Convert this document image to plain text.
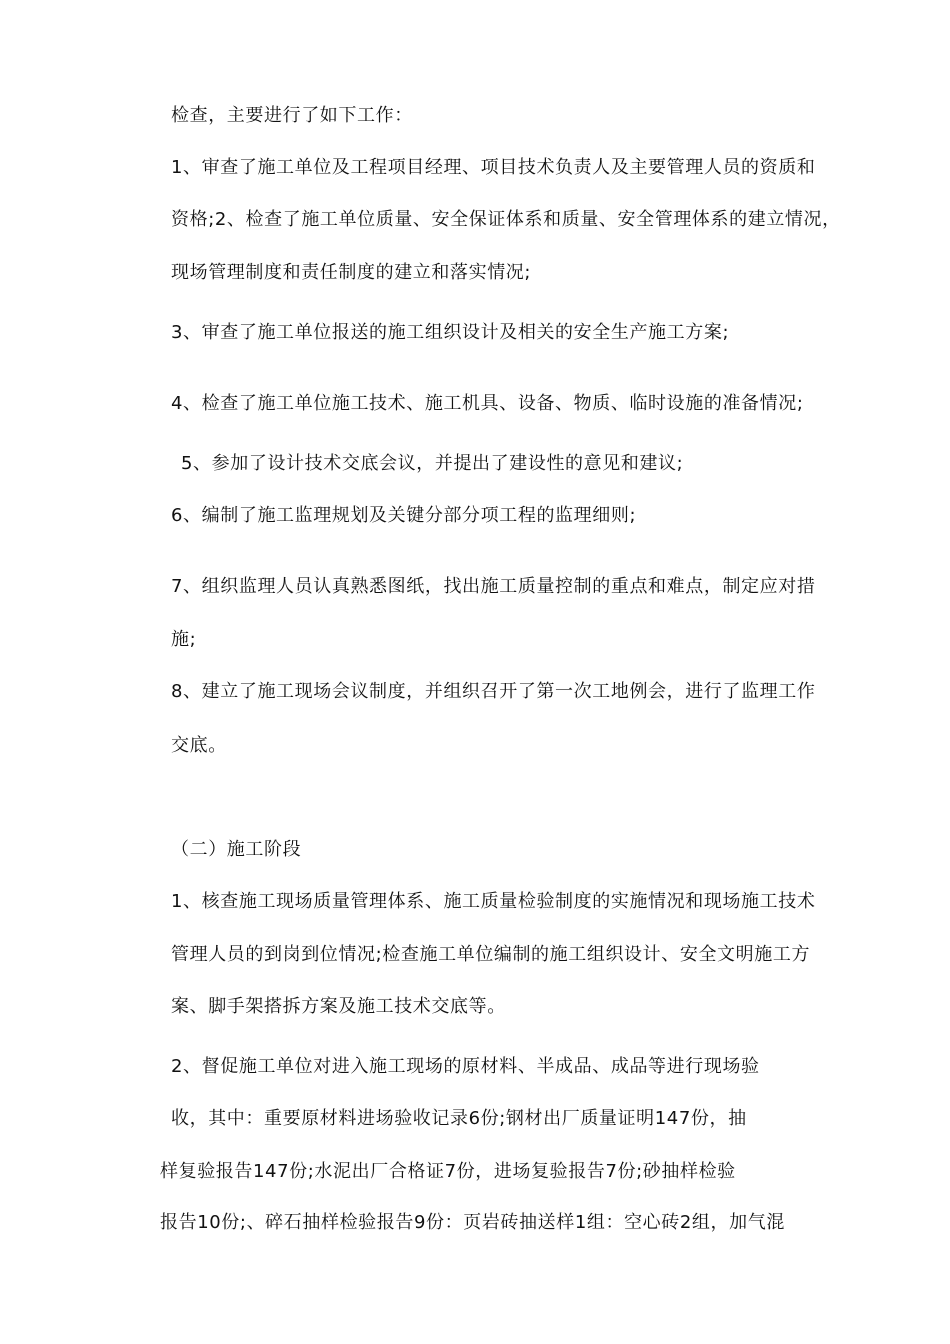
检查，主要进行了如下工作：
1、审查了施工单位及工程项目经理、项目技术负责人及主要管理人员的资质和
资格;2、检查了施工单位质量、安全保证体系和质量、安全管理体系的建立情况，
现场管理制度和责任制度的建立和落实情况;
3、审查了施工单位报送的施工组织设计及相关的安全生产施工方案;
4、检查了施工单位施工技术、施工机具、设备、物质、临时设施的准备情况;
5、参加了设计技术交底会议，并提出了建设性的意见和建议;
6、编制了施工监理规划及关键分部分项工程的监理细则;
7、组织监理人员认真熟悉图纸，找出施工质量控制的重点和难点，制定应对措
施;
8、建立了施工现场会议制度，并组织召开了第一次工地例会，进行了监理工作
交底。
（二）施工阶段
1、核查施工现场质量管理体系、施工质量检验制度的实施情况和现场施工技术
管理人员的到岗到位情况;检查施工单位编制的施工组织设计、安全文明施工方
案、脚手架搭拆方案及施工技术交底等。
2、督促施工单位对进入施工现场的原材料、半成品、成品等进行现场验
收，其中：重要原材料进场验收记录6份;钢材出厂质量证明147份，抽
样复验报告147份;水泥出厂合格证7份，进场复验报告7份;砂抽样检验
报告10份;、碎石抽样检验报告9份：页岩砖抽送样1组：空心砖2组，加气混
